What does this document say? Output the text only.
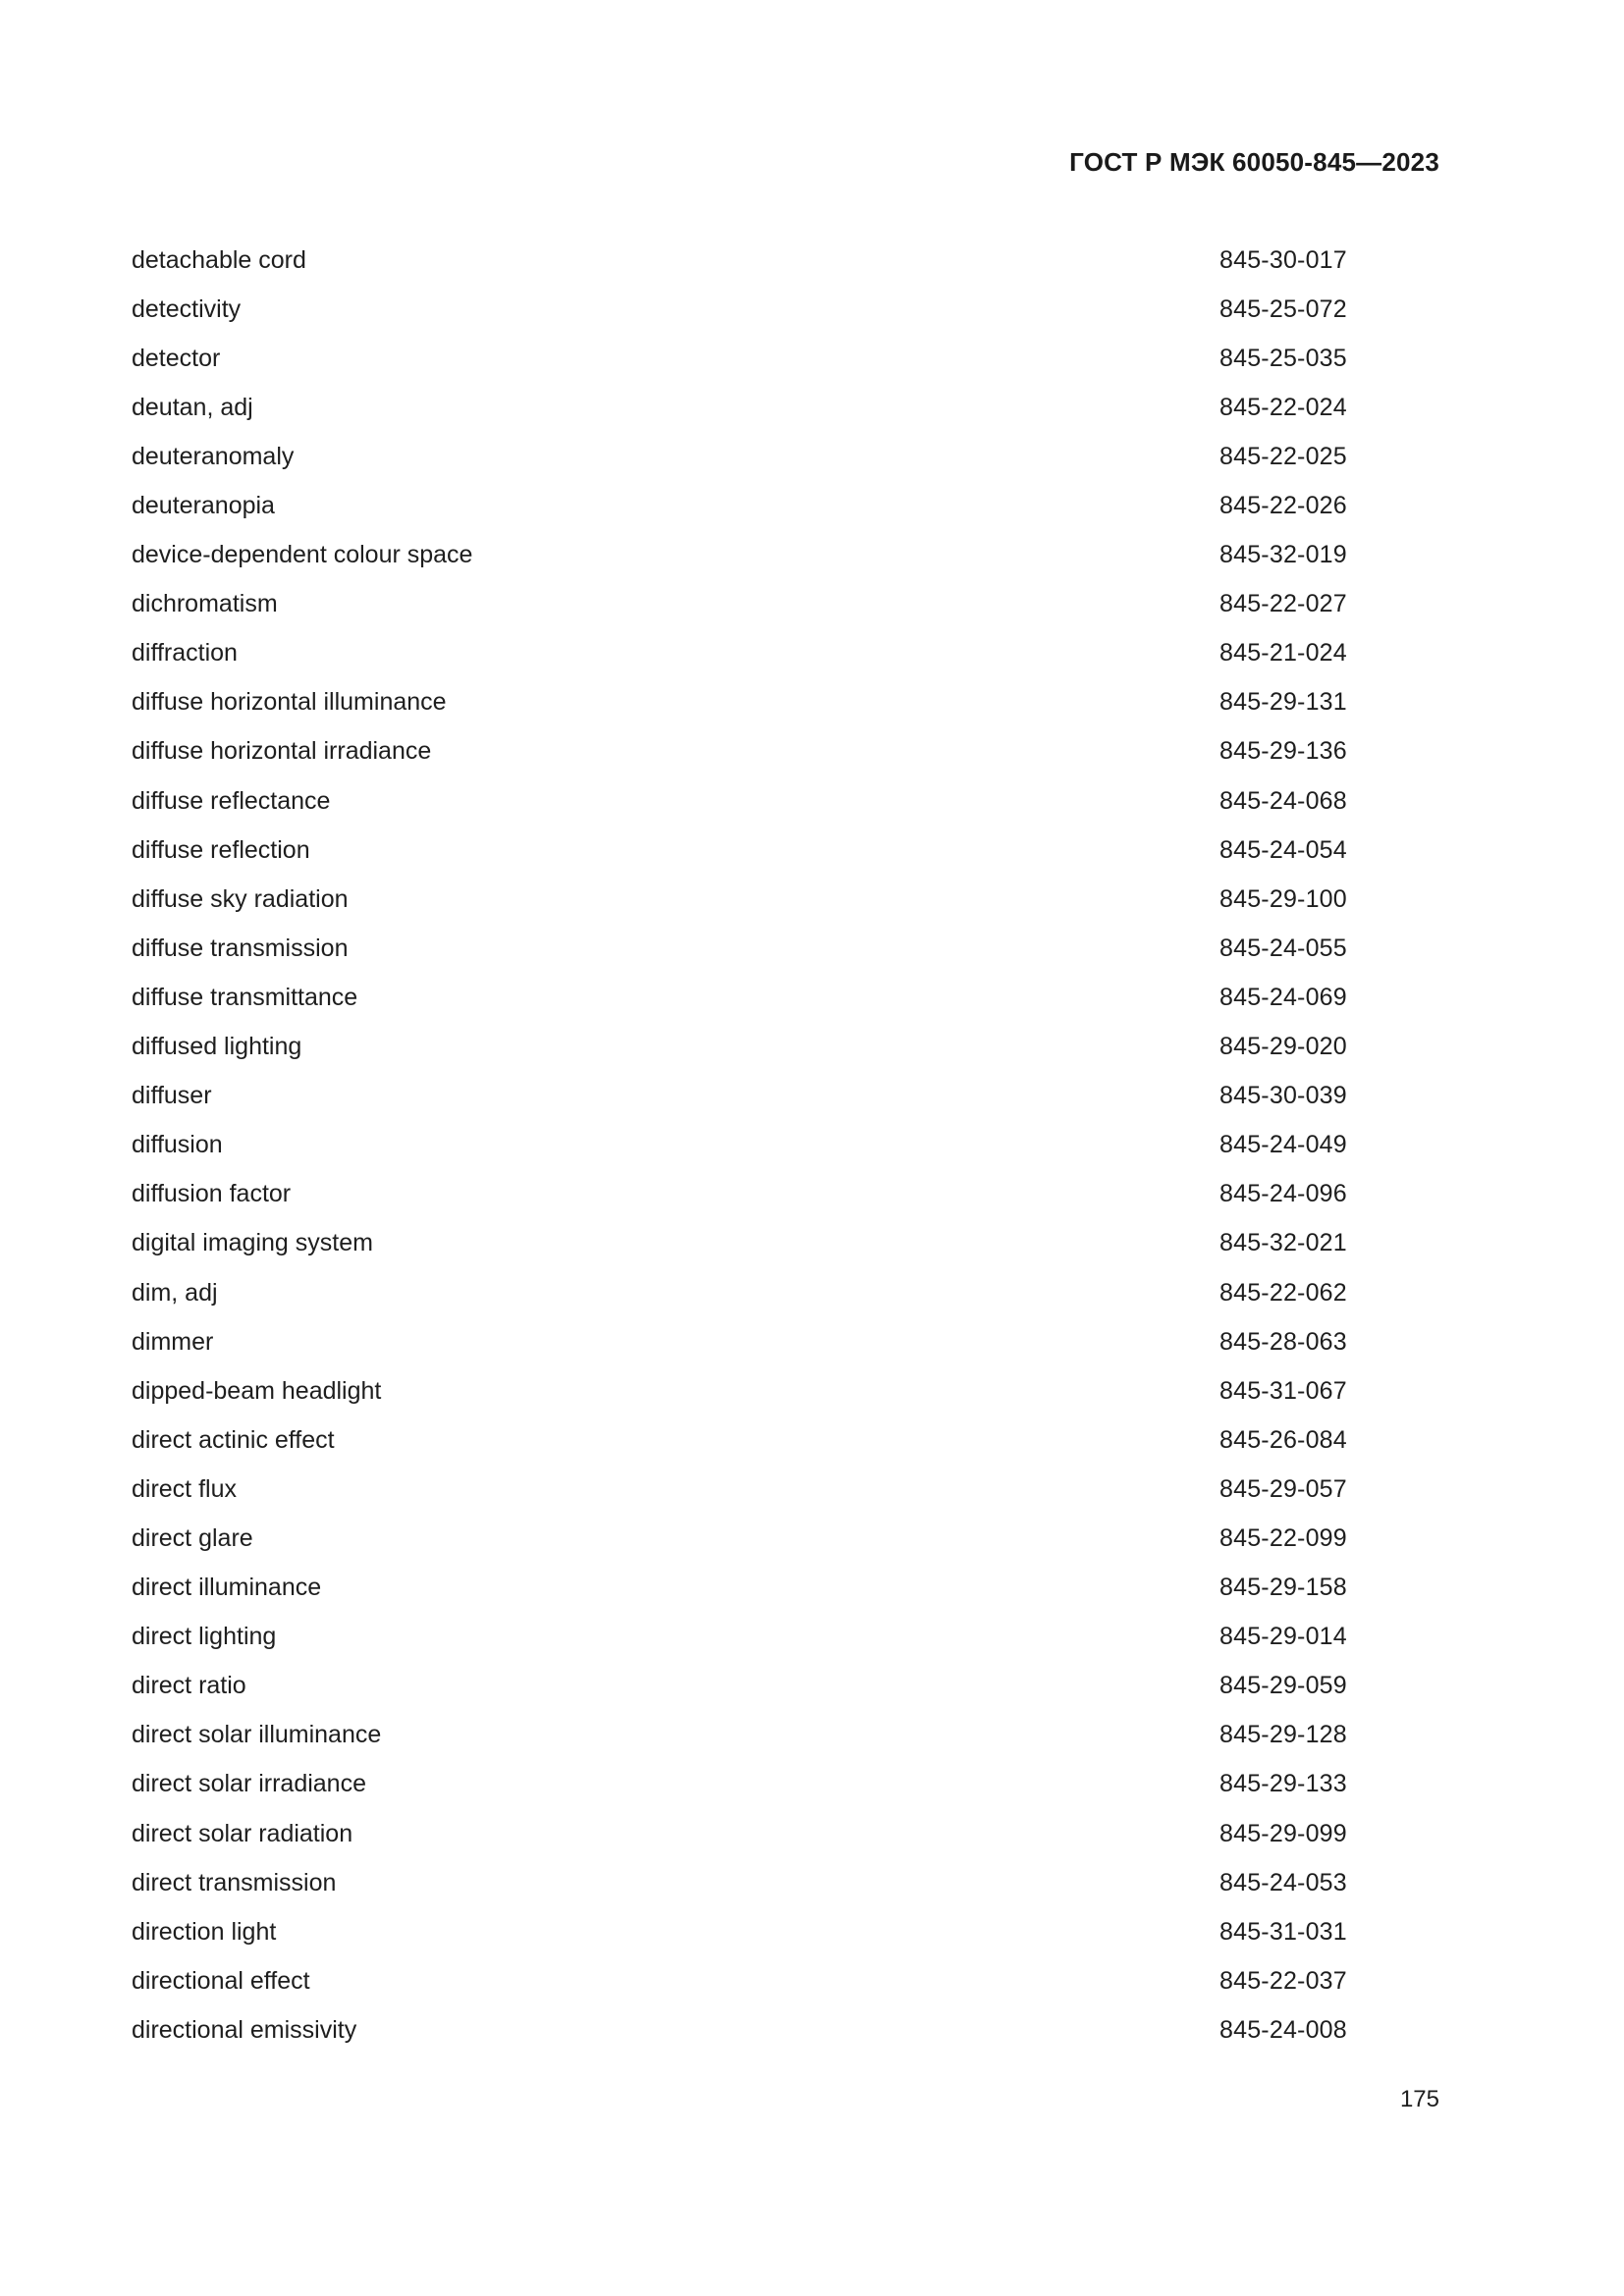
ГОСТ Р МЭК 60050-845—2023
detachable cord	845-30-017
detectivity	845-25-072
detector	845-25-035
deutan, adj	845-22-024
deuteranomaly	845-22-025
deuteranopia	845-22-026
device-dependent colour space	845-32-019
dichromatism	845-22-027
diffraction	845-21-024
diffuse horizontal illuminance	845-29-131
diffuse horizontal irradiance	845-29-136
diffuse reflectance	845-24-068
diffuse reflection	845-24-054
diffuse sky radiation	845-29-100
diffuse transmission	845-24-055
diffuse transmittance	845-24-069
diffused lighting	845-29-020
diffuser	845-30-039
diffusion	845-24-049
diffusion factor	845-24-096
digital imaging system	845-32-021
dim, adj	845-22-062
dimmer	845-28-063
dipped-beam headlight	845-31-067
direct actinic effect	845-26-084
direct flux	845-29-057
direct glare	845-22-099
direct illuminance	845-29-158
direct lighting	845-29-014
direct ratio	845-29-059
direct solar illuminance	845-29-128
direct solar irradiance	845-29-133
direct solar radiation	845-29-099
direct transmission	845-24-053
direction light	845-31-031
directional effect	845-22-037
directional emissivity	845-24-008
175
